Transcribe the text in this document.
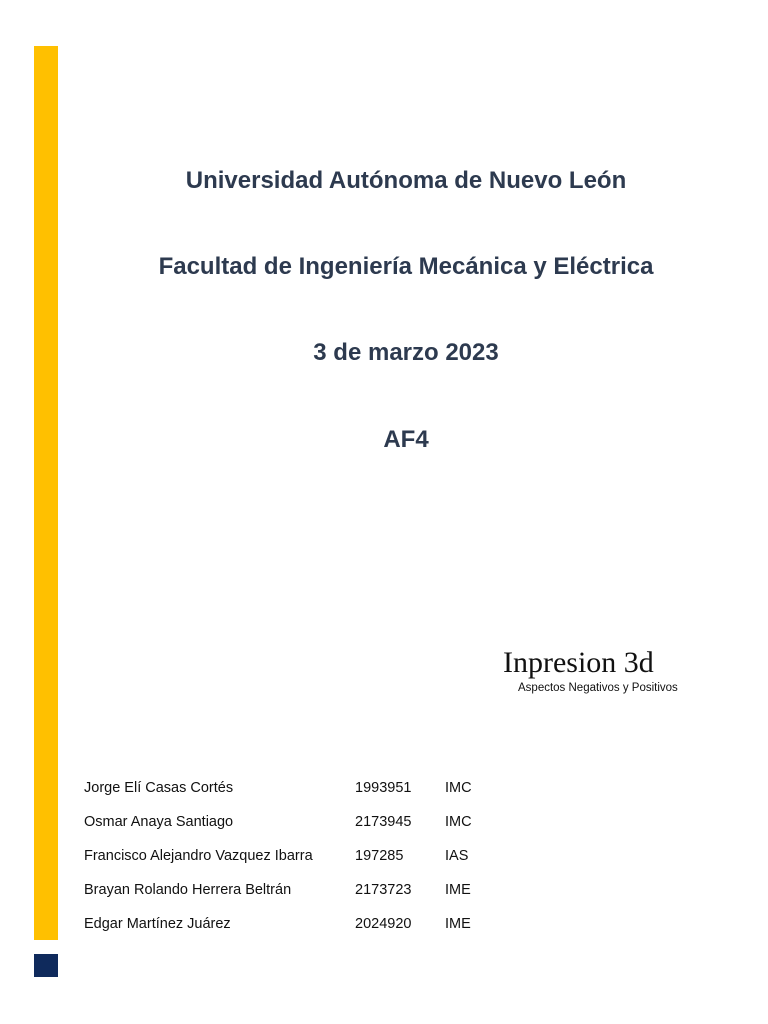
Universidad Autónoma de Nuevo León
Facultad de Ingeniería Mecánica y Eléctrica
3 de marzo 2023
AF4
Inpresion 3d
Aspectos Negativos y Positivos
Jorge Elí Casas Cortés	1993951 IMC
Osmar Anaya Santiago	2173945 IMC
Francisco Alejandro Vazquez Ibarra	197285	IAS
Brayan Rolando Herrera Beltrán	2173723 IME
Edgar Martínez Juárez	2024920 IME
